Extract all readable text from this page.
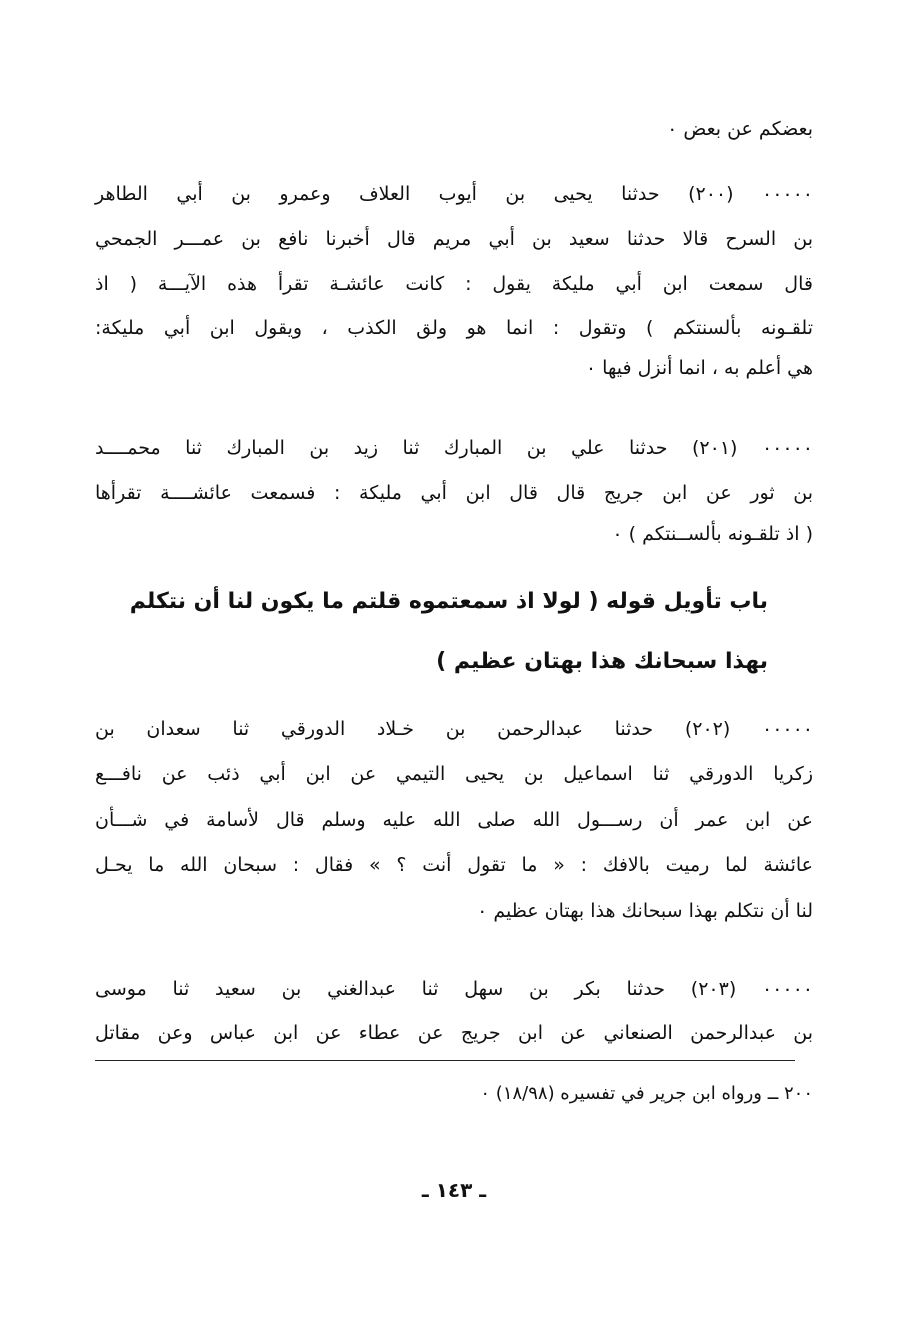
بعضكم عن بعض ٠
٠٠٠٠٠ (٢٠٠) حدثنا يحيى بن أيوب العلاف وعمرو بن أبي الطاهر
بن السرح قالا حدثنا سعيد بن أبي مريم قال أخبرنا نافع بن عمـــر الجمحي
قال سمعت ابن أبي مليكة يقول : كانت عائشـة تقرأ هذه الآيـــة ( اذ
تلقـونه بألسنتكم ) وتقول : انما هو ولق الكذب ، ويقول ابن أبي مليكة:
هي أعلم به ، انما أنزل فيها ٠
٠٠٠٠٠ (٢٠١) حدثنا علي بن المبارك ثنا زيد بن المبارك ثنا محمــــد
بن ثور عن ابن جريج قال قال ابن أبي مليكة : فسمعت عائشــــة تقرأها
( اذ تلقـونه بألســنتكم ) ٠
باب تأويل قوله ( لولا اذ سمعتموه قلتم ما يكون لنا أن نتكلم
بهذا سبحانك هذا بهتان عظيم )
٠٠٠٠٠ (٢٠٢) حدثنا عبدالرحمن بن خـلاد الدورقي ثنا سعدان بن
زكريا الدورقي ثنا اسماعيل بن يحيى التيمي عن ابن أبي ذئب عن نافـــع
عن ابن عمر أن رســـول الله صلى الله عليه وسلم قال لأسامة في شـــأن
عائشة لما رميت بالافك : « ما تقول أنت ؟ » فقال : سبحان الله ما يحـل
لنا أن نتكلم بهذا سبحانك هذا بهتان عظيم ٠
٠٠٠٠٠ (٢٠٣) حدثنا بكر بن سهل ثنا عبدالغني بن سعيد ثنا موسى
بن عبدالرحمن الصنعاني عن ابن جريج عن عطاء عن ابن عباس وعن مقاتل
٢٠٠ ــ ورواه ابن جرير في تفسيره (١٨/٩٨) ٠
ـ ١٤٣ ـ
